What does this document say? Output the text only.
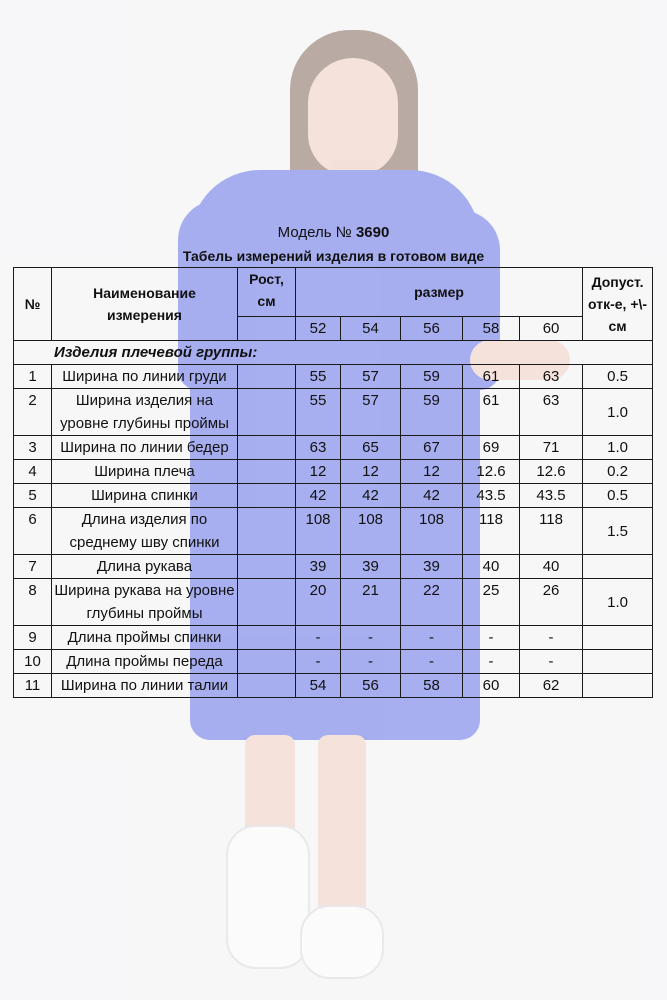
Модель № 3690
Табель измерений изделия в готовом виде
№	Наименование измерения	Рост, см	размер					Допуст. отк-е, +\-см
			52	54	56	58	60	
Изделия плечевой группы:								
1	Ширина по линии груди		55	57	59	61	63	0.5
2	Ширина изделия на уровне глубины проймы		55	57	59	61	63	1.0
3	Ширина по линии бедер		63	65	67	69	71	1.0
4	Ширина плеча		12	12	12	12.6	12.6	0.2
5	Ширина спинки		42	42	42	43.5	43.5	0.5
6	Длина изделия по среднему шву спинки		108	108	108	118	118	1.5
7	Длина рукава		39	39	39	40	40	
8	Ширина рукава на уровне глубины проймы		20	21	22	25	26	1.0
9	Длина проймы спинки		-	-	-	-	-	
10	Длина проймы переда		-	-	-	-	-	
11	Ширина по линии талии		54	56	58	60	62	
